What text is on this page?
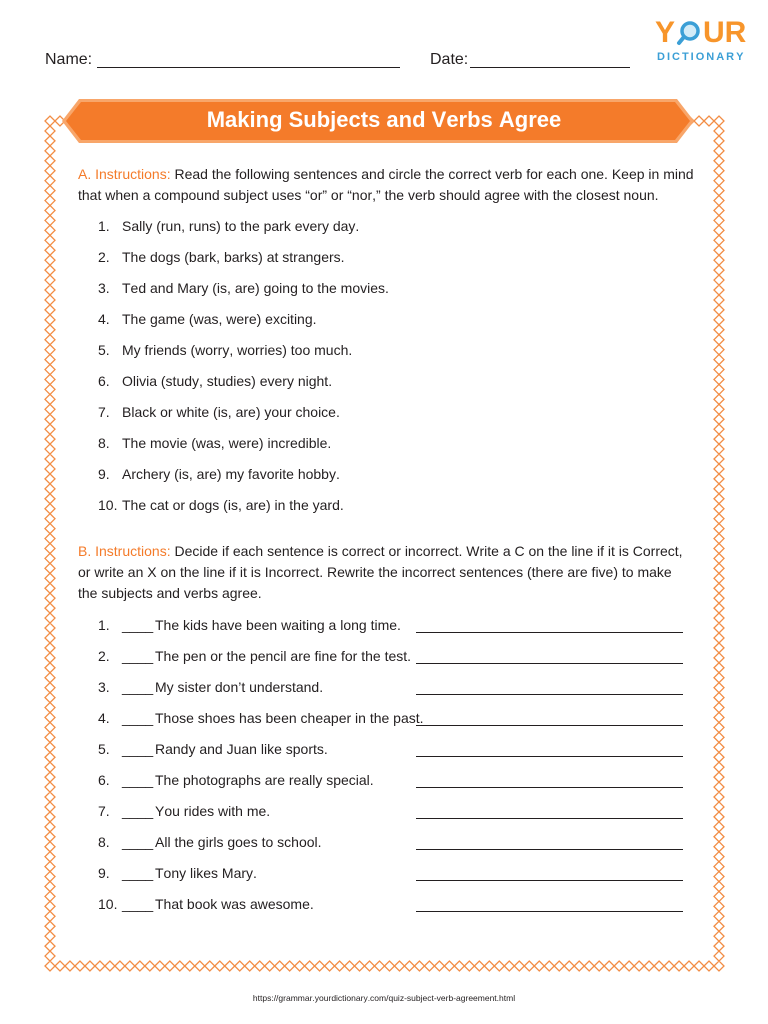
Name:	Date:
Y UR
DICTIONARY
Making Subjects and Verbs Agree
A. Instructions: Read the following sentences and circle the correct verb for each one. Keep in mind that when a compound subject uses “or” or “nor,” the verb should agree with the closest noun.
1. Sally (run, runs) to the park every day.
2. The dogs (bark, barks) at strangers.
3. Ted and Mary (is, are) going to the movies.
4. The game (was, were) exciting.
5. My friends (worry, worries) too much.
6. Olivia (study, studies) every night.
7. Black or white (is, are) your choice.
8. The movie (was, were) incredible.
9. Archery (is, are) my favorite hobby.
10. The cat or dogs (is, are) in the yard.
B. Instructions: Decide if each sentence is correct or incorrect. Write a C on the line if it is Correct, or write an X on the line if it is Incorrect. Rewrite the incorrect sentences (there are five) to make the subjects and verbs agree.
1. ____ The kids have been waiting a long time.
2. ____ The pen or the pencil are fine for the test.
3. ____ My sister don’t understand.
4. ____ Those shoes has been cheaper in the past.
5. ____ Randy and Juan like sports.
6. ____ The photographs are really special.
7. ____ You rides with me.
8. ____ All the girls goes to school.
9. ____ Tony likes Mary.
10. ____ That book was awesome.
https://grammar.yourdictionary.com/quiz-subject-verb-agreement.html
